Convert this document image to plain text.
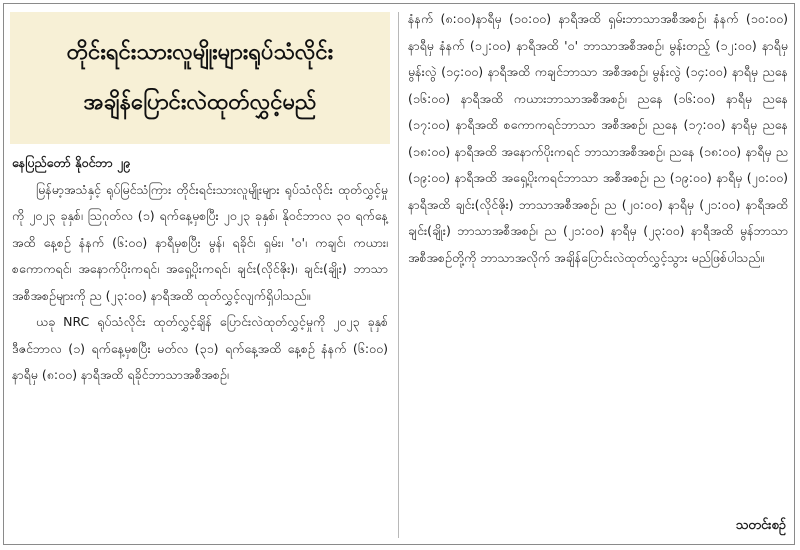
တိုင်းရင်းသားလူမျိုးများရုပ်သံလိုင်း
အချိန်ပြောင်းလဲထုတ်လွှင့်မည်

နေပြည်တော် နိုဝင်ဘာ ၂၉

မြန်မာ့အသံနှင့် ရုပ်မြင်သံကြား တိုင်းရင်းသားလူမျိုးများ ရုပ်သံလိုင်း ထုတ်လွှင့်မှုကို ၂၀၂၃ ခုနှစ်၊ ဩဂုတ်လ (၁) ရက်နေ့မှစပြီး ၂၀၂၃ ခုနှစ်၊ နိုဝင်ဘာလ ၃၀ ရက်နေ့အထိ နေ့စဉ် နံနက် (၆:၀၀) နာရီမှစပြီး မွန်၊ ရခိုင်၊ ရှမ်း၊ '၀'၊ ကချင်၊ ကယား၊ စကောကရင်၊ အနောက်ပိုးကရင်၊ အရှေ့ပိုးကရင်၊ ချင်း(လိုင်ဇိုး)၊ ချင်း(ချိုး) ဘာသာ အစီအစဉ်များကို ည (၂၃:၀၀) နာရီအထိ ထုတ်လွှင့်လျက်ရှိပါသည်။

ယခု NRC ရုပ်သံလိုင်း ထုတ်လွှင့်ချိန် ပြောင်းလဲထုတ်လွှင့်မှုကို ၂၀၂၃ ခုနှစ် ဒီဇင်ဘာလ (၁) ရက်နေ့မှစပြီး မတ်လ (၃၁) ရက်နေ့အထိ နေ့စဉ် နံနက် (၆:၀၀) နာရီမှ (၈:၀၀) နာရီအထိ ရခိုင်ဘာသာအစီအစဉ်၊

နံနက် (၈:၀၀)နာရီမှ (၁၀:၀၀) နာရီအထိ ရှမ်းဘာသာအစီအစဉ်၊ နံနက် (၁၀:၀၀) နာရီမှ နံနက် (၁၂:၀၀) နာရီအထိ '၀' ဘာသာအစီအစဉ်၊ မွန်းတည့် (၁၂:၀၀) နာရီမှ မွန်းလွဲ (၁၄:၀၀) နာရီအထိ ကချင်ဘာသာ အစီအစဉ်၊ မွန်းလွဲ (၁၄:၀၀) နာရီမှ ညနေ (၁၆:၀၀) နာရီအထိ ကယားဘာသာအစီအစဉ်၊ ညနေ (၁၆:၀၀) နာရီမှ ညနေ (၁၇:၀၀) နာရီအထိ စကောကရင်ဘာသာ အစီအစဉ်၊ ညနေ (၁၇:၀၀) နာရီမှ ညနေ (၁၈:၀၀) နာရီအထိ အနောက်ပိုးကရင် ဘာသာအစီအစဉ်၊ ညနေ (၁၈:၀၀) နာရီမှ ည (၁၉:၀၀) နာရီအထိ အရှေ့ပိုးကရင်ဘာသာ အစီအစဉ်၊ ည (၁၉:၀၀) နာရီမှ (၂၀:၀၀) နာရီအထိ ချင်း(လိုင်ဇိုး) ဘာသာအစီအစဉ်၊ ည (၂၀:၀၀) နာရီမှ (၂၁:၀၀) နာရီအထိ ချင်း(ချိုး) ဘာသာအစီအစဉ်၊ ည (၂၁:၀၀) နာရီမှ (၂၃:၀၀) နာရီအထိ မွန်ဘာသာ အစီအစဉ်တို့ကို ဘာသာအလိုက် အချိန်ပြောင်းလဲထုတ်လွှင့်သွား မည်ဖြစ်ပါသည်။

သတင်းစဉ်
